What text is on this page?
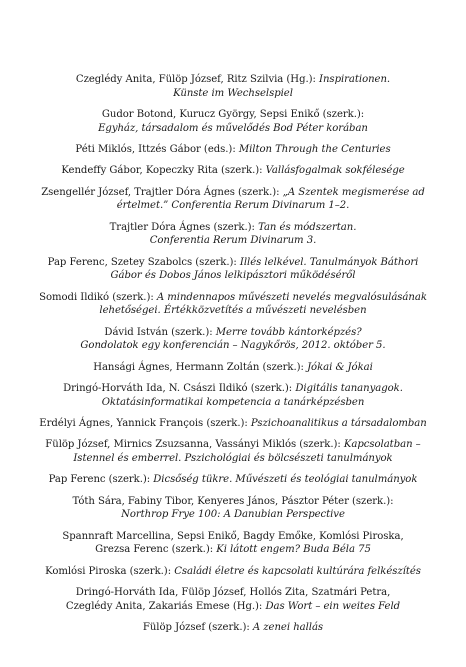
Czeglédy Anita, Fülöp József, Ritz Szilvia (Hg.): Inspirationen.
Künste im Wechselspiel
Gudor Botond, Kurucz György, Sepsi Enikő (szerk.):
Egyház, társadalom és művelődés Bod Péter korában
Péti Miklós, Ittzés Gábor (eds.): Milton Through the Centuries
Kendeffy Gábor, Kopeczky Rita (szerk.): Vallásfogalmak sokfélesége
Zsengellér József, Trajtler Dóra Ágnes (szerk.): „A Szentek megismerése ad
értelmet.” Conferentia Rerum Divinarum 1–2.
Trajtler Dóra Ágnes (szerk.): Tan és módszertan.
Conferentia Rerum Divinarum 3.
Pap Ferenc, Szetey Szabolcs (szerk.): Illés lelkével. Tanulmányok Báthori
Gábor és Dobos János lelkipásztori működéséről
Somodi Ildikó (szerk.): A mindennapos művészeti nevelés megvalósulásának
lehetőségei. Értékközvetítés a művészeti nevelésben
Dávid István (szerk.): Merre tovább kántorképzés?
Gondolatok egy konferencián – Nagykőrös, 2012. október 5.
Hansági Ágnes, Hermann Zoltán (szerk.): Jókai & Jókai
Dringó-Horváth Ida, N. Császi Ildikó (szerk.): Digitális tananyagok.
Oktatásinformatikai kompetencia a tanárképzésben
Erdélyi Ágnes, Yannick François (szerk.): Pszichoanalitikus a társadalomban
Fülöp József, Mirnics Zsuzsanna, Vassányi Miklós (szerk.): Kapcsolatban –
Istennel és emberrel. Pszichológiai és bölcsészeti tanulmányok
Pap Ferenc (szerk.): Dicsőség tükre. Művészeti és teológiai tanulmányok
Tóth Sára, Fabiny Tibor, Kenyeres János, Pásztor Péter (szerk.):
Northrop Frye 100: A Danubian Perspective
Spannraft Marcellina, Sepsi Enikő, Bagdy Emőke, Komlósi Piroska,
Grezsa Ferenc (szerk.): Ki látott engem? Buda Béla 75
Komlósi Piroska (szerk.): Családi életre és kapcsolati kultúrára felkészítés
Dringó-Horváth Ida, Fülöp József, Hollós Zita, Szatmári Petra,
Czeglédy Anita, Zakariás Emese (Hg.): Das Wort – ein weites Feld
Fülöp József (szerk.): A zenei hallás
